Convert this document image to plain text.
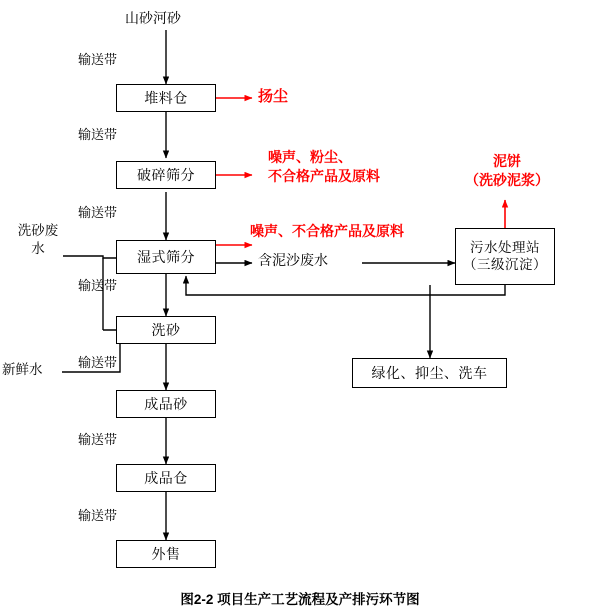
堆料仓
破碎筛分
湿式筛分
洗砂
成品砂
成品仓
外售
污水处理站
（三级沉淀）
绿化、抑尘、洗车
山砂河砂
洗砂废水
新鲜水
输送带
输送带
输送带
输送带
输送带
输送带
输送带
扬尘
噪声、粉尘、
不合格产品及原料
噪声、不合格产品及原料
含泥沙废水
泥饼
（洗砂泥浆）
图2-2 项目生产工艺流程及产排污环节图
